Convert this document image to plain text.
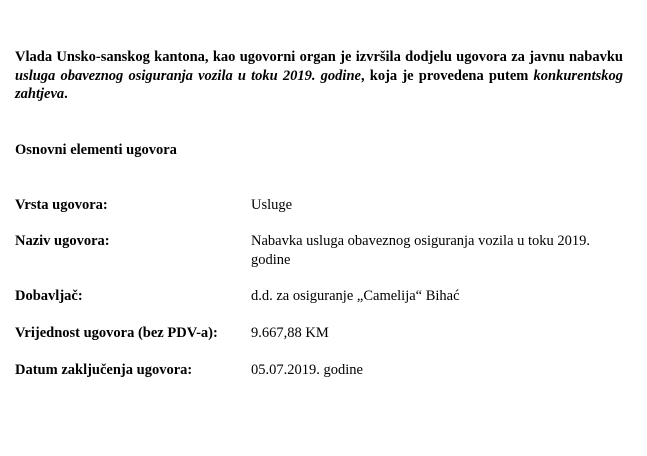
Vlada Unsko-sanskog kantona, kao ugovorni organ je izvršila dodjelu ugovora za javnu nabavku usluga obaveznog osiguranja vozila u toku 2019. godine, koja je provedena putem konkurentskog zahtjeva.

Osnovni elementi ugovora

Vrsta ugovora:	Usluge
Naziv ugovora:	Nabavka usluga obaveznog osiguranja vozila u toku 2019. godine
Dobavljač:	d.d. za osiguranje „Camelija“ Bihać
Vrijednost ugovora (bez PDV-a): 9.667,88 KM
Datum zaključenja ugovora:	05.07.2019. godine
